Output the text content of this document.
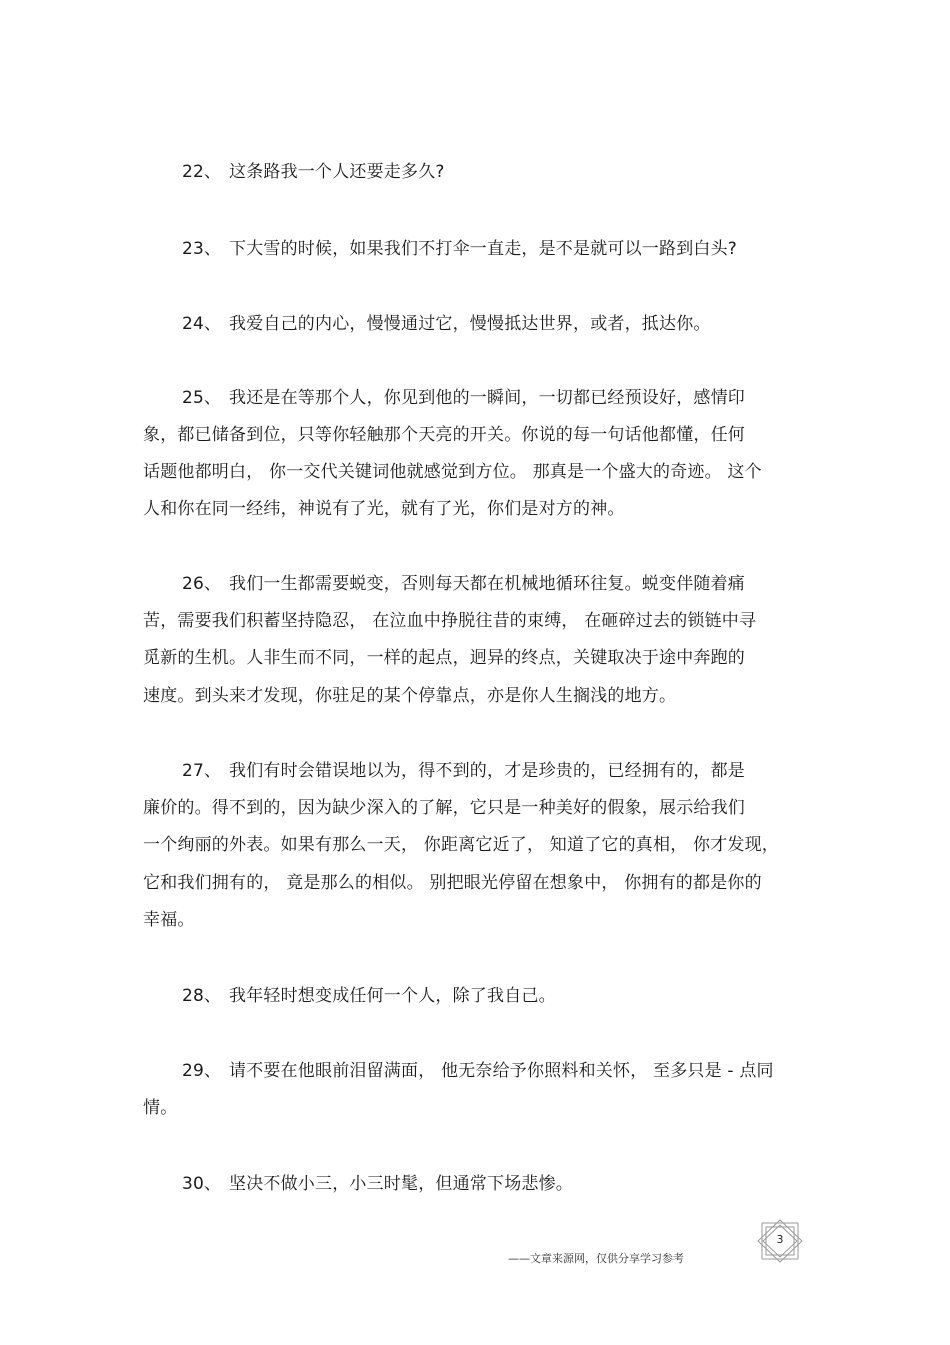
22、 这条路我一个人还要走多久?
23、 下大雪的时候，如果我们不打伞一直走，是不是就可以一路到白头?
24、 我爱自己的内心，慢慢通过它，慢慢抵达世界，或者，抵达你。
25、 我还是在等那个人，你见到他的一瞬间，一切都已经预设好，感情印
象，都已储备到位，只等你轻触那个天亮的开关。你说的每一句话他都懂，任何
话题他都明白， 你一交代关键词他就感觉到方位。 那真是一个盛大的奇迹。 这个
人和你在同一经纬，神说有了光，就有了光，你们是对方的神。
26、 我们一生都需要蜕变，否则每天都在机械地循环往复。蜕变伴随着痛
苦，需要我们积蓄坚持隐忍， 在泣血中挣脱往昔的束缚， 在砸碎过去的锁链中寻
觅新的生机。人非生而不同，一样的起点，迥异的终点，关键取决于途中奔跑的
速度。到头来才发现，你驻足的某个停靠点，亦是你人生搁浅的地方。
27、 我们有时会错误地以为，得不到的，才是珍贵的，已经拥有的，都是
廉价的。得不到的，因为缺少深入的了解，它只是一种美好的假象，展示给我们
一个绚丽的外表。如果有那么一天， 你距离它近了， 知道了它的真相， 你才发现，
它和我们拥有的， 竟是那么的相似。 别把眼光停留在想象中， 你拥有的都是你的
幸福。
28、 我年轻时想变成任何一个人，除了我自己。
29、 请不要在他眼前泪留满面， 他无奈给予你照料和关怀， 至多只是 - 点同
情。
30、 坚决不做小三，小三时髦，但通常下场悲惨。
——文章来源网，仅供分享学习参考
3
